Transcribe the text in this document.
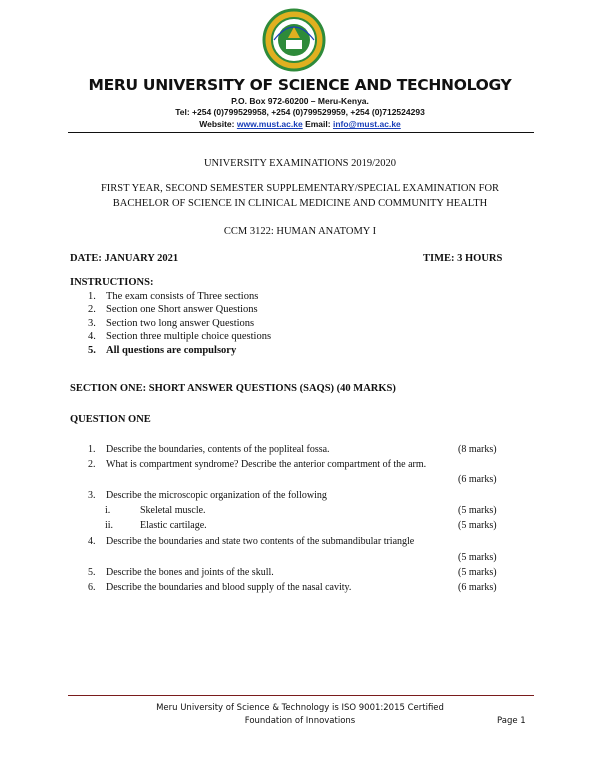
MERU UNIVERSITY OF SCIENCE AND TECHNOLOGY
P.O. Box 972-60200 – Meru-Kenya.
Tel: +254 (0)799529958, +254 (0)799529959, +254 (0)712524293
Website: www.must.ac.ke Email: info@must.ac.ke
UNIVERSITY EXAMINATIONS 2019/2020
FIRST YEAR, SECOND SEMESTER SUPPLEMENTARY/SPECIAL EXAMINATION FOR
BACHELOR OF SCIENCE IN CLINICAL MEDICINE AND COMMUNITY HEALTH
CCM 3122: HUMAN ANATOMY I
DATE: JANUARY 2021	TIME: 3 HOURS
INSTRUCTIONS:
1. The exam consists of Three sections
2. Section one Short answer Questions
3. Section two long answer Questions
4. Section three multiple choice questions
5. All questions are compulsory
SECTION ONE: SHORT ANSWER QUESTIONS (SAQS) (40 MARKS)
QUESTION ONE
1. Describe the boundaries, contents of the popliteal fossa.	(8 marks)
2. What is compartment syndrome? Describe the anterior compartment of the arm.
(6 marks)
3. Describe the microscopic organization of the following
i.	Skeletal muscle.	(5 marks)
ii.	Elastic cartilage.	(5 marks)
4. Describe the boundaries and state two contents of the submandibular triangle
(5 marks)
5. Describe the bones and joints of the skull.	(5 marks)
6. Describe the boundaries and blood supply of the nasal cavity.	(6 marks)
Meru University of Science & Technology is ISO 9001:2015 Certified
Foundation of Innovations	Page 1
